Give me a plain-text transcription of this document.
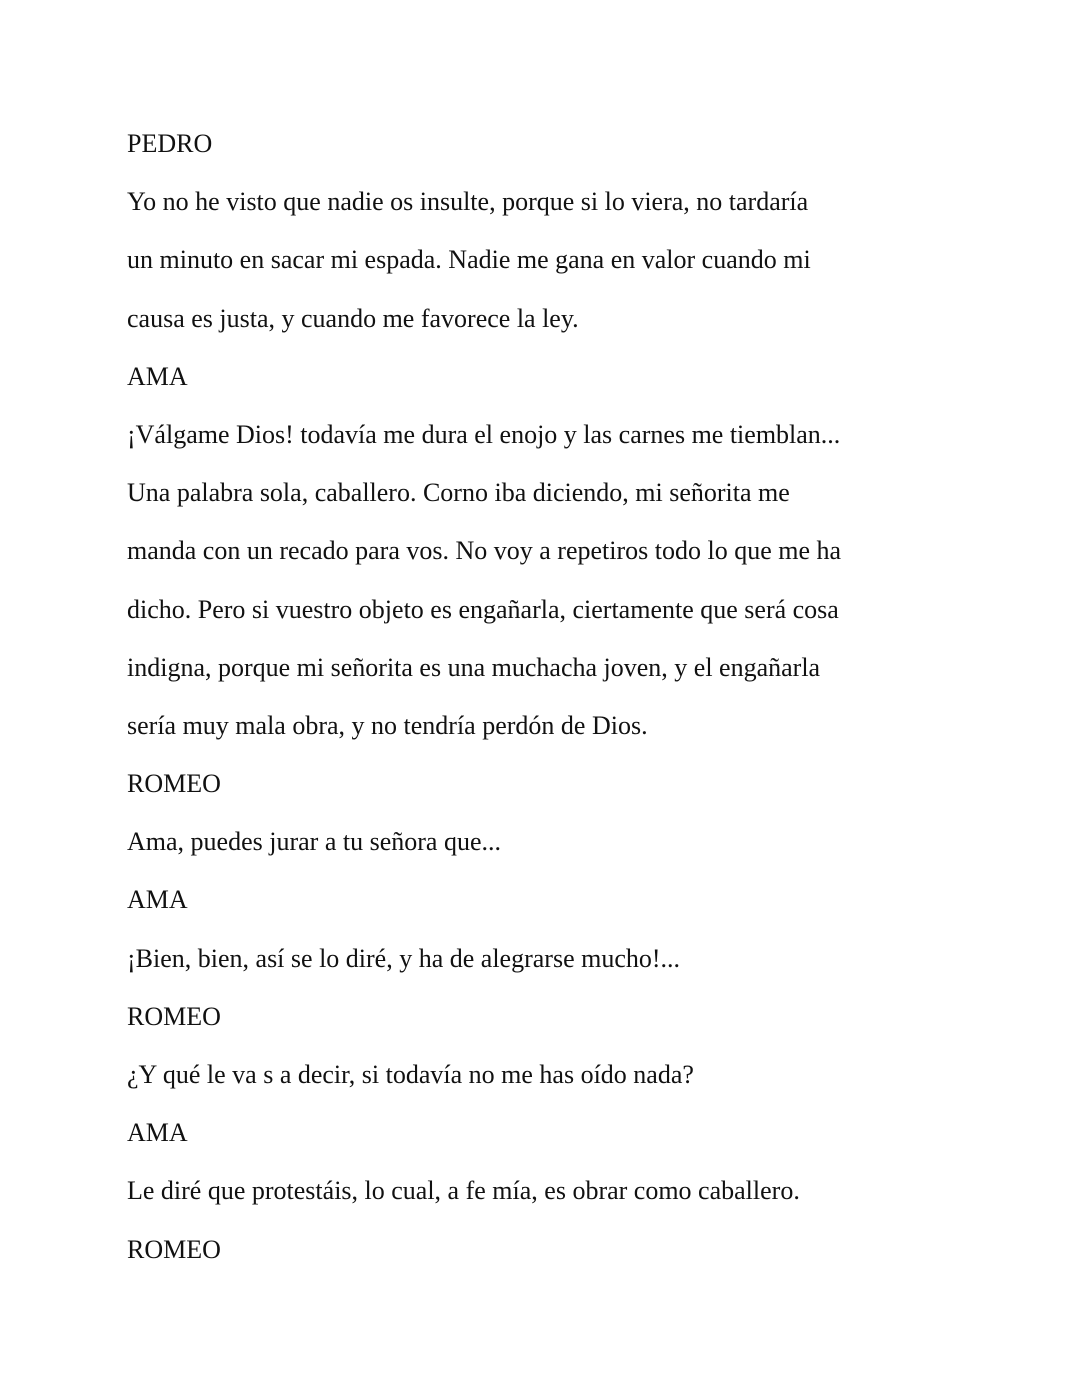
PEDRO

Yo no he visto que nadie os insulte, porque si lo viera, no tardaría

un minuto en sacar mi espada. Nadie me gana en valor cuando mi

causa es justa, y cuando me favorece la ley.

AMA

¡Válgame Dios! todavía me dura el enojo y las carnes me tiemblan...

Una palabra sola, caballero. Corno iba diciendo, mi señorita me

manda con un recado para vos. No voy a repetiros todo lo que me ha

dicho. Pero si vuestro objeto es engañarla, ciertamente que será cosa

indigna, porque mi señorita es una muchacha joven, y el engañarla

sería muy mala obra, y no tendría perdón de Dios.

ROMEO

Ama, puedes jurar a tu señora que...

AMA

¡Bien, bien, así se lo diré, y ha de alegrarse mucho!...

ROMEO

¿Y qué le va s a decir, si todavía no me has oído nada?

AMA

Le diré que protestáis, lo cual, a fe mía, es obrar como caballero.

ROMEO
